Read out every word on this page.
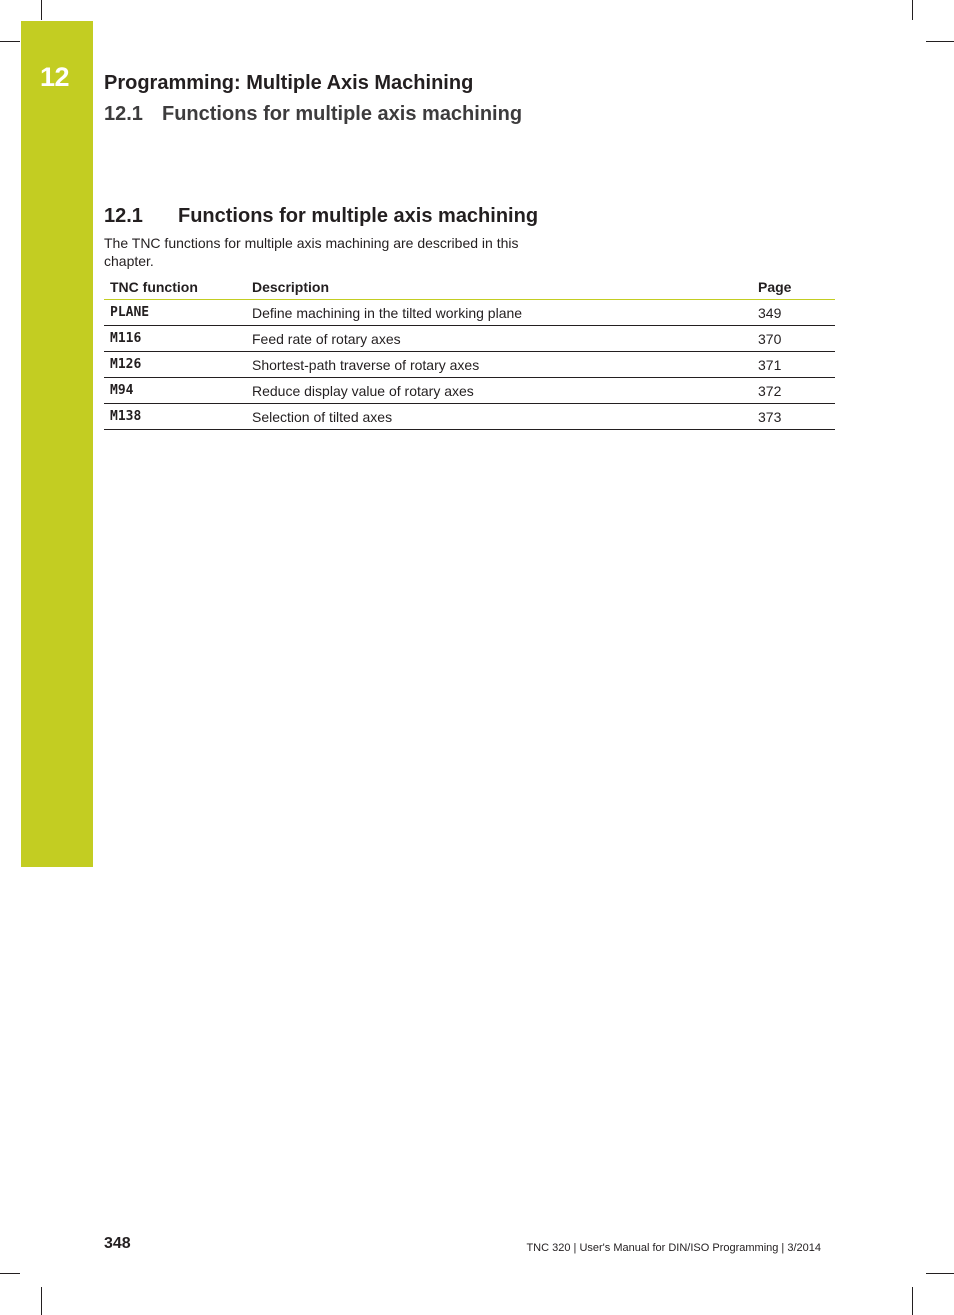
12	Programming: Multiple Axis Machining
12.1 Functions for multiple axis machining
12.1 Functions for multiple axis machining
The TNC functions for multiple axis machining are described in this chapter.
TNC function	Description	Page
PLANE	Define machining in the tilted working plane	349
M116	Feed rate of rotary axes	370
M126	Shortest-path traverse of rotary axes	371
M94	Reduce display value of rotary axes	372
M138	Selection of tilted axes	373
348	TNC 320 | User's Manual for DIN/ISO Programming | 3/2014
